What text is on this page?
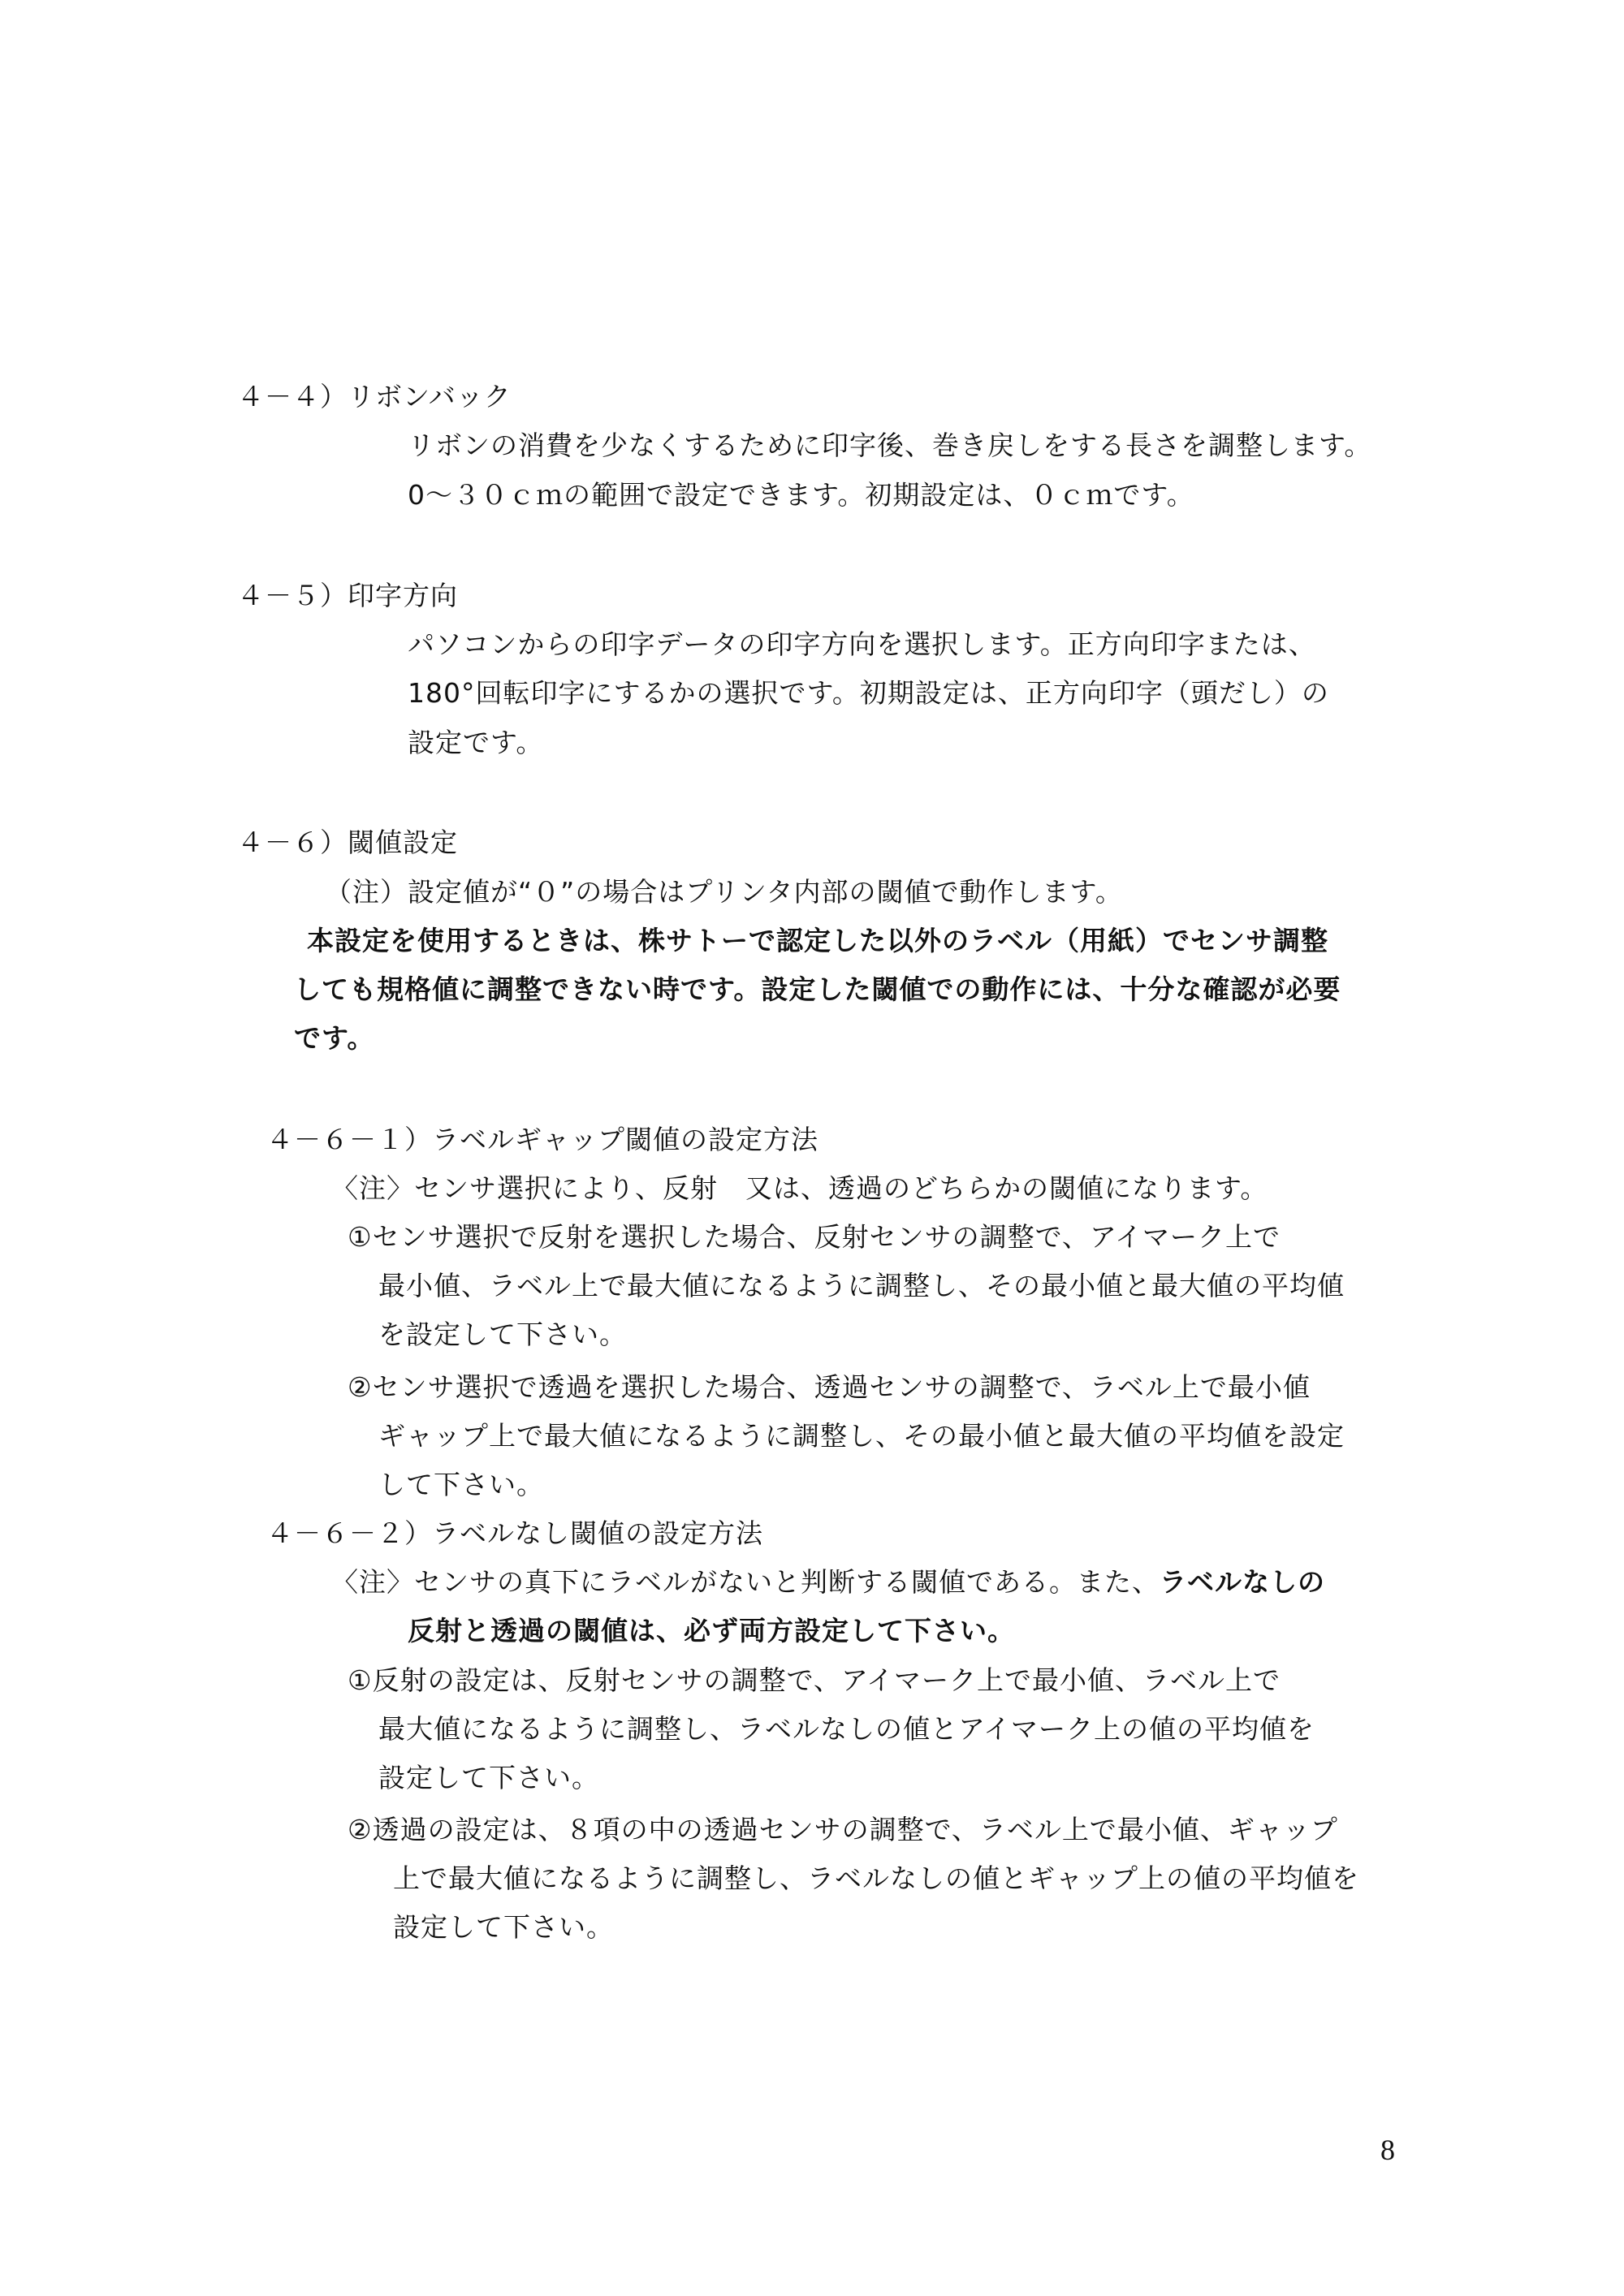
４－４）リボンバック
リボンの消費を少なくするために印字後、巻き戻しをする長さを調整します。
0～３０ｃｍの範囲で設定できます。初期設定は、０ｃｍです。
４－５）印字方向
パソコンからの印字データの印字方向を選択します。正方向印字または、
180°回転印字にするかの選択です。初期設定は、正方向印字（頭だし）の
設定です。
４－６）閾値設定
（注）設定値が“０”の場合はプリンタ内部の閾値で動作します。
本設定を使用するときは、株サトーで認定した以外のラベル（用紙）でセンサ調整
しても規格値に調整できない時です。設定した閾値での動作には、十分な確認が必要
です。
４－６－１）ラベルギャップ閾値の設定方法
〈注〉センサ選択により、反射　又は、透過のどちらかの閾値になります。
①センサ選択で反射を選択した場合、反射センサの調整で、アイマーク上で
最小値、ラベル上で最大値になるように調整し、その最小値と最大値の平均値
を設定して下さい。
②センサ選択で透過を選択した場合、透過センサの調整で、ラベル上で最小値
ギャップ上で最大値になるように調整し、その最小値と最大値の平均値を設定
して下さい。
４－６－２）ラベルなし閾値の設定方法
〈注〉センサの真下にラベルがないと判断する閾値である。また、ラベルなしの
反射と透過の閾値は、必ず両方設定して下さい。
①反射の設定は、反射センサの調整で、アイマーク上で最小値、ラベル上で
最大値になるように調整し、ラベルなしの値とアイマーク上の値の平均値を
設定して下さい。
②透過の設定は、８項の中の透過センサの調整で、ラベル上で最小値、ギャップ
上で最大値になるように調整し、ラベルなしの値とギャップ上の値の平均値を
設定して下さい。
8
